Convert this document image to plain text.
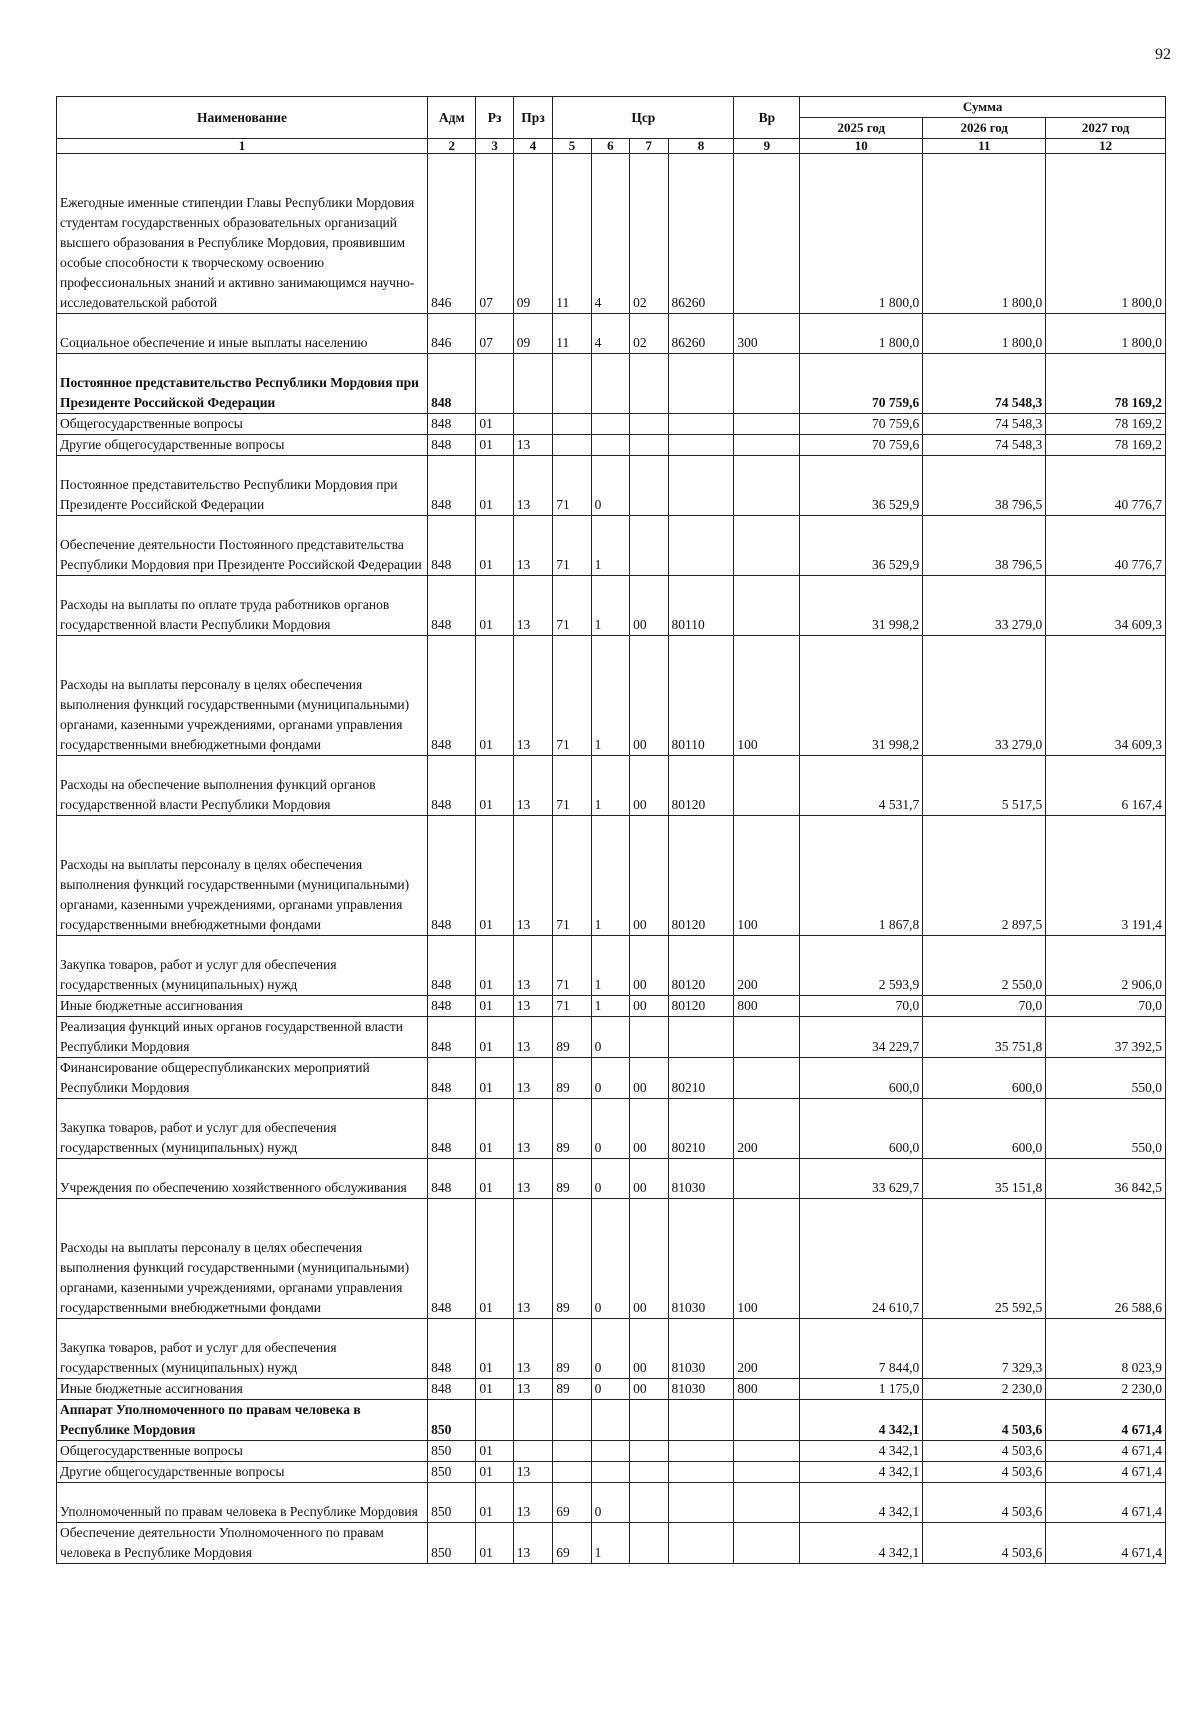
92
Наименование	Адм	Рз	Прз	Цср				Вр	Сумма		
									2025 год	2026 год	2027 год
1	2	3	4	5	6	7	8	9	10	11	12
Ежегодные именные стипендии Главы Республики Мордовия студентам государственных образовательных организаций высшего образования в Республике Мордовия, проявившим особые способности к творческому освоению профессиональных знаний и активно занимающимся научно-исследовательской работой	846	07	09	11	4	02	86260		1 800,0	1 800,0	1 800,0
Социальное обеспечение и иные выплаты населению	846	07	09	11	4	02	86260	300	1 800,0	1 800,0	1 800,0
Постоянное представительство Республики Мордовия при Президенте Российской Федерации	848								70 759,6	74 548,3	78 169,2
Общегосударственные вопросы	848	01							70 759,6	74 548,3	78 169,2
Другие общегосударственные вопросы	848	01	13						70 759,6	74 548,3	78 169,2
Постоянное представительство Республики Мордовия при Президенте Российской Федерации	848	01	13	71	0				36 529,9	38 796,5	40 776,7
Обеспечение деятельности Постоянного представительства Республики Мордовия при Президенте Российской Федерации	848	01	13	71	1				36 529,9	38 796,5	40 776,7
Расходы на выплаты по оплате труда работников органов государственной власти Республики Мордовия	848	01	13	71	1	00	80110		31 998,2	33 279,0	34 609,3
Расходы на выплаты персоналу в целях обеспечения выполнения функций государственными (муниципальными) органами, казенными учреждениями, органами управления государственными внебюджетными фондами	848	01	13	71	1	00	80110	100	31 998,2	33 279,0	34 609,3
Расходы на обеспечение выполнения функций органов государственной власти Республики Мордовия	848	01	13	71	1	00	80120		4 531,7	5 517,5	6 167,4
Расходы на выплаты персоналу в целях обеспечения выполнения функций государственными (муниципальными) органами, казенными учреждениями, органами управления государственными внебюджетными фондами	848	01	13	71	1	00	80120	100	1 867,8	2 897,5	3 191,4
Закупка товаров, работ и услуг для обеспечения государственных (муниципальных) нужд	848	01	13	71	1	00	80120	200	2 593,9	2 550,0	2 906,0
Иные бюджетные ассигнования	848	01	13	71	1	00	80120	800	70,0	70,0	70,0
Реализация функций иных органов государственной власти Республики Мордовия	848	01	13	89	0				34 229,7	35 751,8	37 392,5
Финансирование общереспубликанских мероприятий Республики Мордовия	848	01	13	89	0	00	80210		600,0	600,0	550,0
Закупка товаров, работ и услуг для обеспечения государственных (муниципальных) нужд	848	01	13	89	0	00	80210	200	600,0	600,0	550,0
Учреждения по обеспечению хозяйственного обслуживания	848	01	13	89	0	00	81030		33 629,7	35 151,8	36 842,5
Расходы на выплаты персоналу в целях обеспечения выполнения функций государственными (муниципальными) органами, казенными учреждениями, органами управления государственными внебюджетными фондами	848	01	13	89	0	00	81030	100	24 610,7	25 592,5	26 588,6
Закупка товаров, работ и услуг для обеспечения государственных (муниципальных) нужд	848	01	13	89	0	00	81030	200	7 844,0	7 329,3	8 023,9
Иные бюджетные ассигнования	848	01	13	89	0	00	81030	800	1 175,0	2 230,0	2 230,0
Аппарат Уполномоченного по правам человека в Республике Мордовия	850								4 342,1	4 503,6	4 671,4
Общегосударственные вопросы	850	01							4 342,1	4 503,6	4 671,4
Другие общегосударственные вопросы	850	01	13						4 342,1	4 503,6	4 671,4
Уполномоченный по правам человека в Республике Мордовия	850	01	13	69	0				4 342,1	4 503,6	4 671,4
Обеспечение деятельности Уполномоченного по правам человека в Республике Мордовия	850	01	13	69	1				4 342,1	4 503,6	4 671,4
